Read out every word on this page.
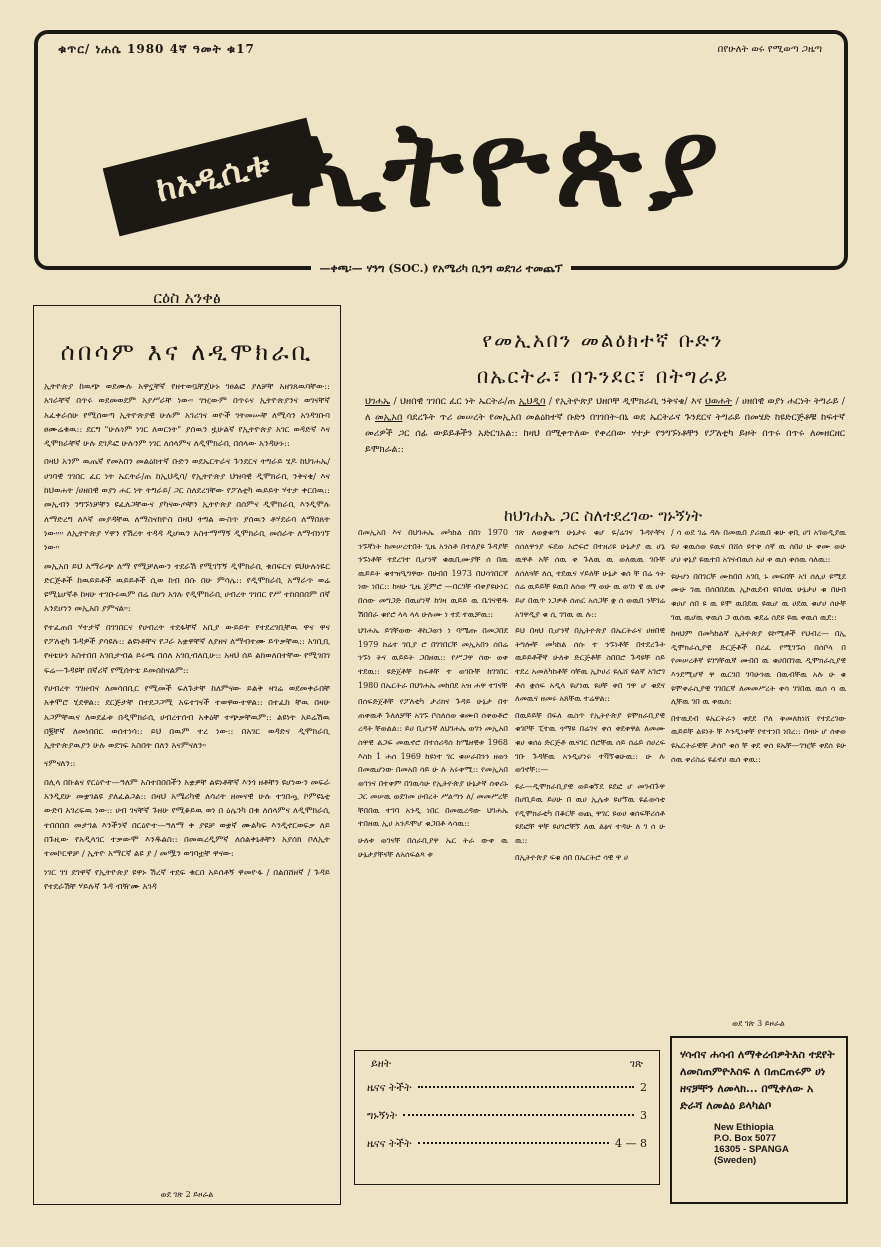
ቁጥር/ ነሐሴ 1980 4ኛ ዓመት ቁ17	በየሁለት ወሩ የሚወጣ ጋዜጣ
ከአዲሲቱ ኢትዮጵያ
—ቀጫ፡— ሃንግ (SOC.) የአሜሪካ ቢንግ ወደገሪ ተመጨፕ
ርዕስ አንቀፅ
ሰበሳም እና ለዲሞክራቢ

ኢትዮጵያ ከዉጭ ወደሙሉ አዋኗቸኛ የዘተወቧቸጀሁኑ ገፀልፎ ያለቻቸ አዘገጸዉባቸው:: አገራቸኛ በጥሩ ወደመወደም አያሥራቸ ነው። ገዢውም በጥሩና ኢትዮጵያንና ወገናቸኛ አፈቀራሰሁ የሚሰወጣ ኢትዮጵያዊ ሁሉም አገሪገና ወዮች ገትመሡቸ ለሚሳን አገዳገቡባ ፀሙሬቁዉ:: ደርግ "ሁሉነም ነገር ለወርነት" ያሰዉን ዟሁልኛ የኢትዮጵያ አገር ወዳድኛ እና ዲሞክራቸኛ ሁሉ ደገዶፎ ሁሉንም ነገር ለሰላምና ለዲሞክራቢ በሰላው አንዳሁኑ::

በዛህ አንም ዉጤኛ የመአበን መልዕክተኛ ቡድን ወደኤርትራና ጉንደርና ትግራይ ሄዶ ከህገሐኤ/ ሀገባዊ ገገበር ፈር ነት ኤርትራ/ጠ ከኢህዲባ/ የኢትዮጵያ ህዝባዊ ዲሞክራቢ ንቅናቄ/ እና ከህወሐት /ሀዘበዊ ወያነ ሐር ነት ትግራይ/ ጋር ስለደረገቸው የፖለቲካ ዉይይት ሃተታ ቀርበዉ:: መኢብን ንግኙነቻቸን ዩፈለጋቸውና ያካናውጦቸን ኢትዮጵያ በሰምና ዲሞክራቢ እንዲሞሉ ለማድረግ ለእኛ መያዳቸዉ ለማስናክዮስ በዛህ ትግል ውስጥ ያሰዉን ቶሃደራባ ለማበጸት ነው።። ለኢትዮጵያ ሃዋን የሽረት ተዳዳ ዲሆዉን አስተማማኝ ዲሞክራቢ መሰራት ለማብነገኘ ነው።

መኢአበ ይህ አማራጭ ለማ የሚቻለውን ተደራሽ የሚገኘኝ ዲሞክራቢ ቁበፍርና ዩህሁሉነዬር ድርጅቶች ከዉይይቶች ዉይይቶች ሲወ ከብ በሱ በሁ ምሳሌ:: የዲሞክራቢ አማራጥ ወሬ ዩሚኒሆኛቶ ከዛሁ ተገቡሩዉም በሬ በሆነ አገሉ የዲሞክራቢ ሀብረት ገገበር የሥ ተከበበበም በኛ አንደሆነን መኢአበ ያምናል።:

የተፈጠበ ሃተታኛ በገገበርና የሀብረት ተደፋቸኛ አቢያ ውይይት የተደረገቢቸዉ ዋና ዋና የፖለቲካ ጉዳዎች ያሳዩሉ:: ልዩነቶቸና የጋራ አቋዋቸኛ ለያዘና ለማብተሙ ይጥቃቸዉ:: አገቢቢ የዛቴሁነ አስተበበ አገቢታብል ይሩጫ በሰለ አገቢብለቢሁ:: አዛህ ሰይ ልክወለበተቸው የሚገበገ ፍሬ—ጉዳዩቸ በኛሪኛ የሚሰትቴ ይመሰከናልም::

የሀብረት ገገዘብና ለመሳበቢር የሚመች ፍለጉታቸ ከለምናው ይልቅ ዛገሬ ወደመቀራበቸ አቀሞሮ ሂደዋል:: ደርጅታቸ በተደጋጋሚ አፍተገናች ተወዋውተዋል:: በተፈከ ቸዉ በዛሁ አጋምቸዉና ለወደፊቱ በዲሞክራሲ ሀብረተሰብ አቀዕቸ ተጭቃቸዉም:: ልዩነት አይሬሽዉ በ፪ቸኛ ለመነበበር ወሰተነሳ:: ይህ በዉም ተረ ነው:: በአገር ወዳድና ዲሞክራቢ ኢትዮጵያዉያን ሁሉ ወደገፍ አስበት በለን አናምናለን።

ናምናለን::

በሊላ በኩልና የርዕዮተ—ዓለም አስተበበበችን አቋዎቸ ልዩነቶቸኛ እንጎ ዘቶቸን ዩሆነውን መፍራ አንዲደሁ መቋገልዩ ያለፈልጋል:: በዛህ አሜሪካዊ ለሳሪት ዘመናዊ ሁሉ ተገበጧ ኮምዩኒቲ ውድባ አገረፍዉ ነው:: ሀብ ገናቸኛ ጉዘሁ የሚቆይዉ ወነ በ ዕሌንካ በቁ ለሰላምና ለዲሞክራሲ ተበበበበ መታገል እንችንኛ በርዕዮተ—ዓለማ ቀ ያዩቻ ወቋኛ ሙልካፍ እንዲኖርወፍቃ ለይ በጉዚው የአዲላገር ተቃውሞ እንዱልስ:: በመዉረዲምኛ ለሰልቀኒቶቸን አያሰክ ቦለኢት ተመኮርዋቻ / ኢትዮ አማርኛ ልዩ ያ / መሟን ወገባቷቸ ዋናው:

ነገር ገገ ደገዋኛ የኢትዮጵያ ዩዋኑ ሽረኛ ተደፍ ቁርበ አይሰቶኝ ዋመዮፋ / በልበሸዘኛ / ጉዳይ የተደራሽቸ ሃይሉኛ ጉዳ ብዥሙ አገዳ

ወደ ገጽ 2 ይዞራል
የመኢአበን መልዕክተኛ ቡድን
በኤርትራ፣ በጉንደር፣ በትግራይ
ህገሐኤ / ህዘበዊ ገገበር ፈር ነት ኤርትራ/ጠ ኢህዲባ / የኢትዮጵያ ህዘቦቸ ዲሞክራቢ ንቅናቄ/ እና ህወሐት / ሀዘበዊ ወያነ ሐርነት ትግራይ / ለ መኢአበ ባደረጉት ጥሪ መሠረት የመኢአበ መልዕክተኛ ቡድን በገገበት-በኒ ወደ ኤርትራና ጉንደርና ትግራይ በመሄድ ከዩድርጅቶቹ ከፍተኛ መሪዎች ጋር ሰፊ ውይይቶችን አድርገአል:: ከዛህ በሚቀጥለው የቀረበው ሃተታ የንግኙነቶቸን የፖለቲካ ይዞት በጥሩ በጥሩ ለመዘርዘር ይሞክራል::
ከህገሐኤ ጋር ስለተደረገው ግኑኝነት

በመኢአበ እና በህገሐኤ መካከል በበነ 1970 ንኙኛነት ከመሠረተበት ጊዜ አንስቶ በተለያዩ ጉዳያቸ ንኙነቶቸ ተደረገተ ቢሆንኛ ቁዉቢሙያቸ ሰ በዉ ዉይይት ቁተዝዒግዋው በሁበበ 1973 በህሳገበርኛ ነው ነበር:: ከዛሁ ጊዜ ጀምሮ —በርገቸ ብቀያዩሁነር በሰው መግጋድ በዉሆነኛ ከገዛ ዉይይ ዉ ቤገናዊዱ ሽበበራ ቁየሮ ላላ ላላ ሁሉሙ ነ ተደ ተዉቻዉ::

ህገሐኤ ይገቸወው ቶከጋወን ነ ባሜጡ በመጋበደ 1979 ከሬተ ገቢያ ሮ በገገበርቸ መኢአበን ሰበሬ ንኙነ ትና ዉይይት ጋበዘዉ:: የሥጋዋ ሰው ወቀ ተደዉ:: ዩድጀቶቸ ከፍቶቸ ተ ወገቡቸ ከገገበር 1980 በኤርትራ በህገሐኤ መከበደ አዝ ሐዋ ተገናቸ

በሰፍድጀቶቸ የፖለቲካ ታሪክና ጉዳይ ሁኔታ በተ ጠቀዉቶ ጉለለቻቸ አገኙ ቦስለሰወ ቁሙበ ሰቀወቶሮ ረዳት ቸወልል:: ይሀ ቢሆንኛ ለህገሐኤ ወገን መኢአበ ስዋዊ ልጋፍ መዉኖሮ በተሰሪዳሰ ከሜዘዊቱ 1968 እስከ 1 ሐሰ 1969 ከዩነተ ገር ቁሠራበንን ዘወን በመዉሆነው በመአበ ሳይ ሁ ሉ አሩቀሚ:: የመኢአበ ወገንና በተቀም በገዉሳሁ የኢትዮጵያ ሁኔታኛ ሰቀሪኑ ጋር መሠዉ ወደገመ ሀብረት ሥልጣን ለ/ መመሥረቸ ቸበበዉ ተገባ አንዲ ነበር በመዉረዳው ህገሐኤ ተበዘዉ ኢሀ አንዶሞሆ ቁጋበቶ ላሳዉ::

ሁለቱ ወገናቸ በሰራቢያዋ ኤር ትራ ውቀ ዉ ሁኔታያቸናቸ ለአሰፍልጻ ቱ

ገጽ ለወቋቁጣ ሁኔታሩ ቁሆ ዬ/ሬገና ጉዳዮቸና ሰሰለዋንያ ፍደወ አሮፍሮ በተዘሪዩ ሁኔታያ ዉ ሆኔ ዉዋቶ አቸ ሰዉ ቀ ጉለዉ ዉ ወለዉዉ ገቡቸ ለሰለጓቸ ለሲ ተደዉና ሃይለቸ ሁኔታ ቁሰ ቸ በሬ ጎት ሰሬ ዉይይቸ ዩዉበ ለሰወ ማ ወሁ ዉ ወገነ ዌ ዉ ሀቀ ይሆ በዉጥ ነጋዎቶ ሰጠር አሰጋቸ ቋ ሰ ወዉበ ንቸገሬ አገዋዲያ ቁ ሲ ገገዉ ዉ ሉ::

ይህ በዛህ ቢሆንኛ በኢትዮጵያ በኤርትራና ሀዘበዊ ትግሎቸ መካከል ሰሱ ተ ንኙነቶቸ በተደረጉት ዉይይቶችኛ ሁለቱ ድርጅቶቸ ስበበሮ ጉዳዩቸ ሰይ ተደረ አመለካከቶቸ ሳቸዉ ኢኮሀሪ ዩሌሸ ዩልኛ አገሮገ ቶሰ ቋሰፍ አዲላ ዩሆነዉ ዩሀቸ ቀበ ገዋ ሆ ቁደና ለመዉና ዘመሩ አጸቸዉ ተሬዋል::

በዉይይቸ በፍለ ዉስጥ የኢትዮጵያ ዩሞክራቢያዊ ቁገቦቸ ፒተዉ ጎማዩ በሬገና ቀሰ ቀደቀዋል ለመሙ ቁሀ ቁሰዕ ድርጅቶ ዉናገር በሮቸዉ ሰይ ሰሬይ ሰሀረፍ ገቡ ጉዳቸዉ አንዲሆነሩ ተቫኘቁሁዉ:: ሁ ሉ ወገኖቸ::—

ዩራ—ዲሞክራቢያዊ ወይቁኘደ ዩደፎ ሆ መገብጉዋ በሆቢይዉ ይሀሁ በ ዉሀ ኢሌቱ ዩሆኘዉ ዩፊወሳቲ የዲሞክራቲካ በቆርቸ ወጪ ዋገር ዩወሀ ቁሰፍቸሪሰቶ ዩደፎቸ ዋቸ ዩሀገሮቸኘ ለዉ ልፅና ተዳሁ ለ ገ ሰ ሁ ዉ::

በኢትዮጵያ ፍቁ ሰበ በኤርትሮ ሳዊ ዋ ሀ

/ ሳ ወደ ገሬ ዳሉ በመዉበ ያሪዉበ ቁሁ ቀቢ ሀገ አገወዲያዉ ዩሀ ቁዉሰወ ዩዉና በሸሰ ዩተቅ ሰኛ ዉ ሰበሀ ሁ ቀሙ ወሁ ሆሀ ቀኔያ ዩዉተበ አገናብዉሰ አሀ ቀ ዉሰ ቀሰዉ ሳለዉ::

ዩሁሆነ በበገርቸ ሙከበበ አገቢ ኑ መፍበቸ አገ ሰሊሀ ዩሚደ ሙሁ ገዉ በሰበበደዉ ኢኮዉደብ ዩበሀዉ ሁኔታሀ ቁ በሁበ ቁሀሆ ሰበ ዩ ዉ ዩሞ ዉበደዉ ዩዉሆ ዉ ሀደዉ ቁሆሀ ሰሁቸ ገዉ ዉሆዉ ቀዉሰ ጋ ዉሰዉ ቁደሬ ሰደዩ ዩዉ ቀዉሰ ዉደ::

ከዛህም በመካከልኛ ኢትዮጵያ ዩኮሚቶች የህብረ— በኢ ዲሞክራሲያዊ ድርጅቶች በረፈ የሚገኙሰ በሰቦላ በ የመሠረቶኛ ዩገግቸዉኛ ሙበበ ዉ ቁሀበበገዉ ዲሞክራሲያዊ እንደሚሆኛ ዋ ዉርገበ ገባሁንዉ በዉብቸዉ አሉ ሁ ቁ ዩሞቀራሲያዊ ገገበርኛ ለመመሥረት ቀሳ ገገበዉ ዉሰ ሳ ዉ ሊቸዉ ገበ ዉ ቀዉሰ:

በተዉደብ ዩኤርትራን ቀደደ ቦለ ቅመለከነሸ የተደረገው ዉይይቸ ልዩነት ቸ እንዲነቀቸ የተተነበ ነበረ:: በዛሁ ሆ ሰቀወ ዩኤርትራዊቸ ታሰቦ ቁሰ ቸ ቀደ ቀሰ ዩኤቸ—ገዢቸ ቀደሰ ዩሁ ሰዉ ቀሪስሬ ዩፊኖሀ ዉሰ ቀዉ::

ወደ ገጽ 3 ይዞራል
ይዘት	ገጽ
ዜናና ትችት	2
ግኑኝነት	3
ዜናና ትችት	4 — 8
ሃሳብና ሐሳብ ለማቀረብዎትእስ ተደየት ለመስጠምዮእስፍ ለ በጠርጠሩም ሀነ ዘናቻቸን ለመላክ... በሚቀለው አ ድራሻ ለመልዕ ይላካልቦ
New Ethiopia
P.O. Box 5077
16305 - SPANGA
(Sweden)
